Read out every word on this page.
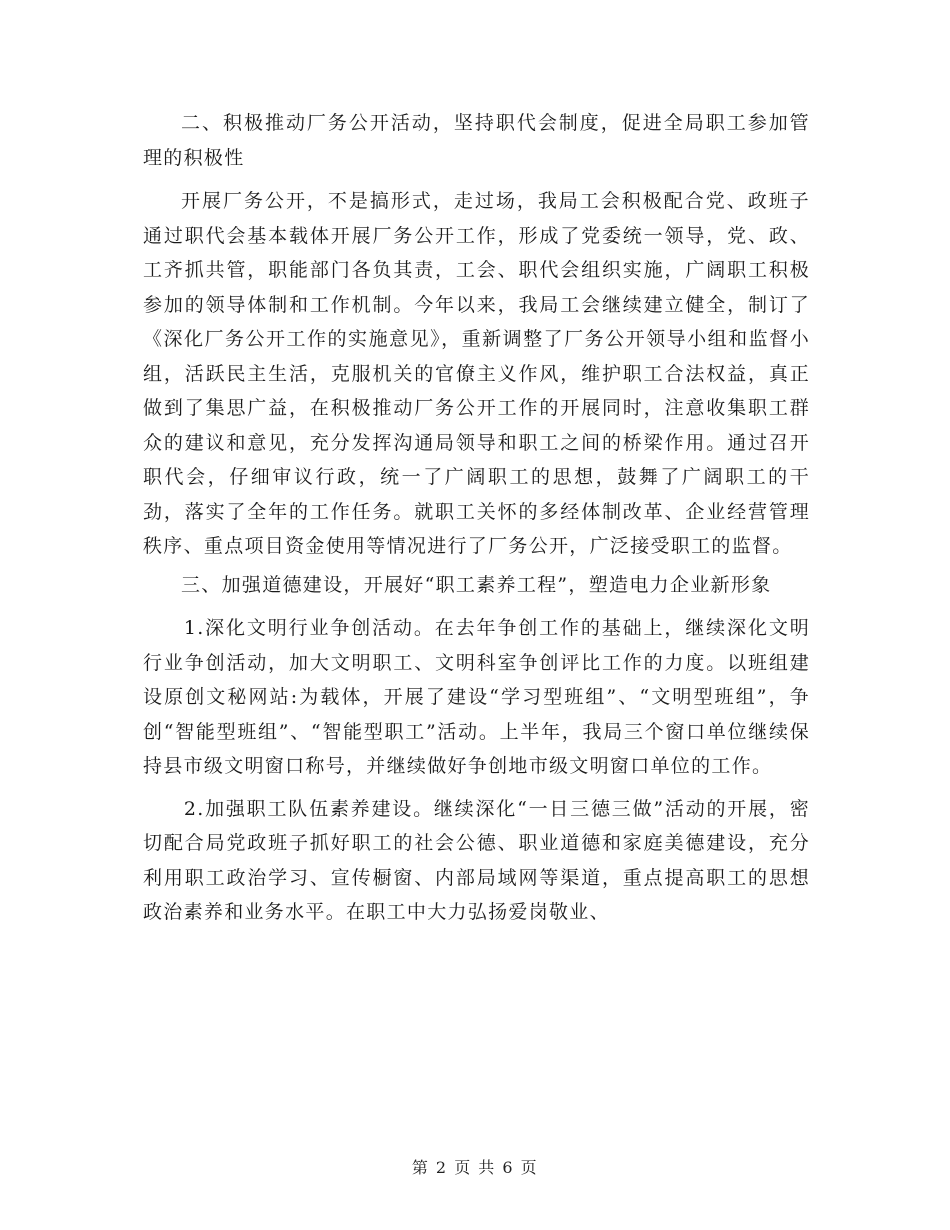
二、积极推动厂务公开活动，坚持职代会制度，促进全局职工参加管理的积极性

开展厂务公开，不是搞形式，走过场，我局工会积极配合党、政班子通过职代会基本载体开展厂务公开工作，形成了党委统一领导，党、政、工齐抓共管，职能部门各负其责，工会、职代会组织实施，广阔职工积极参加的领导体制和工作机制。今年以来，我局工会继续建立健全，制订了《深化厂务公开工作的实施意见》，重新调整了厂务公开领导小组和监督小组，活跃民主生活，克服机关的官僚主义作风，维护职工合法权益，真正做到了集思广益，在积极推动厂务公开工作的开展同时，注意收集职工群众的建议和意见，充分发挥沟通局领导和职工之间的桥梁作用。通过召开职代会，仔细审议行政，统一了广阔职工的思想，鼓舞了广阔职工的干劲，落实了全年的工作任务。就职工关怀的多经体制改革、企业经营管理秩序、重点项目资金使用等情况进行了厂务公开，广泛接受职工的监督。

三、加强道德建设，开展好“职工素养工程”，塑造电力企业新形象

1.深化文明行业争创活动。在去年争创工作的基础上，继续深化文明行业争创活动，加大文明职工、文明科室争创评比工作的力度。以班组建设原创文秘网站:为载体，开展了建设“学习型班组”、“文明型班组”，争创“智能型班组”、“智能型职工”活动。上半年，我局三个窗口单位继续保持县市级文明窗口称号，并继续做好争创地市级文明窗口单位的工作。

2.加强职工队伍素养建设。继续深化“一日三德三做”活动的开展，密切配合局党政班子抓好职工的社会公德、职业道德和家庭美德建设，充分利用职工政治学习、宣传橱窗、内部局域网等渠道，重点提高职工的思想政治素养和业务水平。在职工中大力弘扬爱岗敬业、

第 2 页 共 6 页
